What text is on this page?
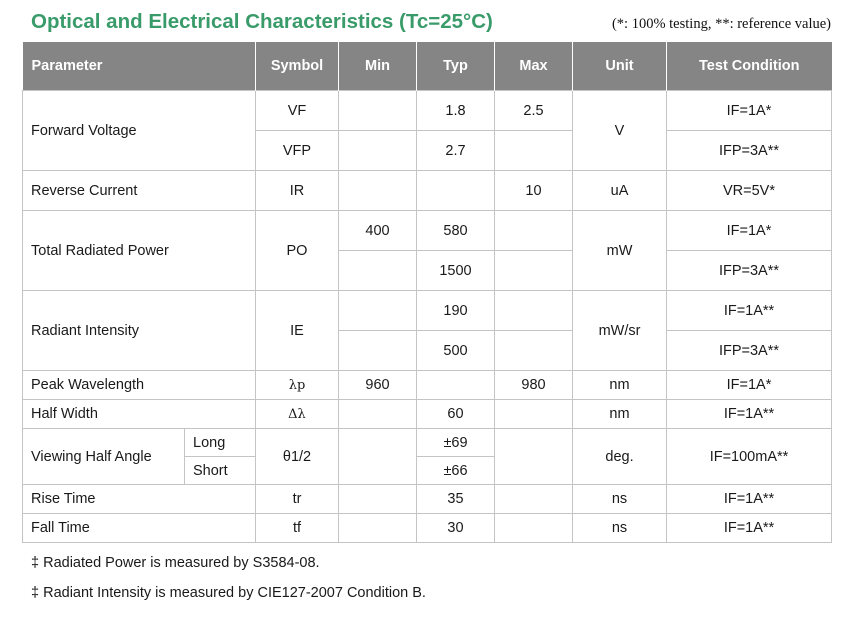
Optical and Electrical Characteristics (Tc=25°C)	(*: 100% testing, **: reference value)
Parameter		Symbol	Min	Typ	Max	Unit	Test Condition
Forward Voltage		VF		1.8	2.5	V	IF=1A*
		VFP		2.7			IFP=3A**
Reverse Current		IR			10	uA	VR=5V*
Total Radiated Power		PO	400	580		mW	IF=1A*
				1500			IFP=3A**
Radiant Intensity		IE		190		mW/sr	IF=1A**
				500			IFP=3A**
Peak Wavelength		λp	960		980	nm	IF=1A*
Half Width		Δλ		60		nm	IF=1A**
Viewing Half Angle	Long	θ1/2		±69		deg.	IF=100mA**
	Short			±66			
Rise Time		tr		35		ns	IF=1A**
Fall Time		tf		30		ns	IF=1A**
‡ Radiated Power is measured by S3584-08.
‡ Radiant Intensity is measured by CIE127-2007 Condition B.
